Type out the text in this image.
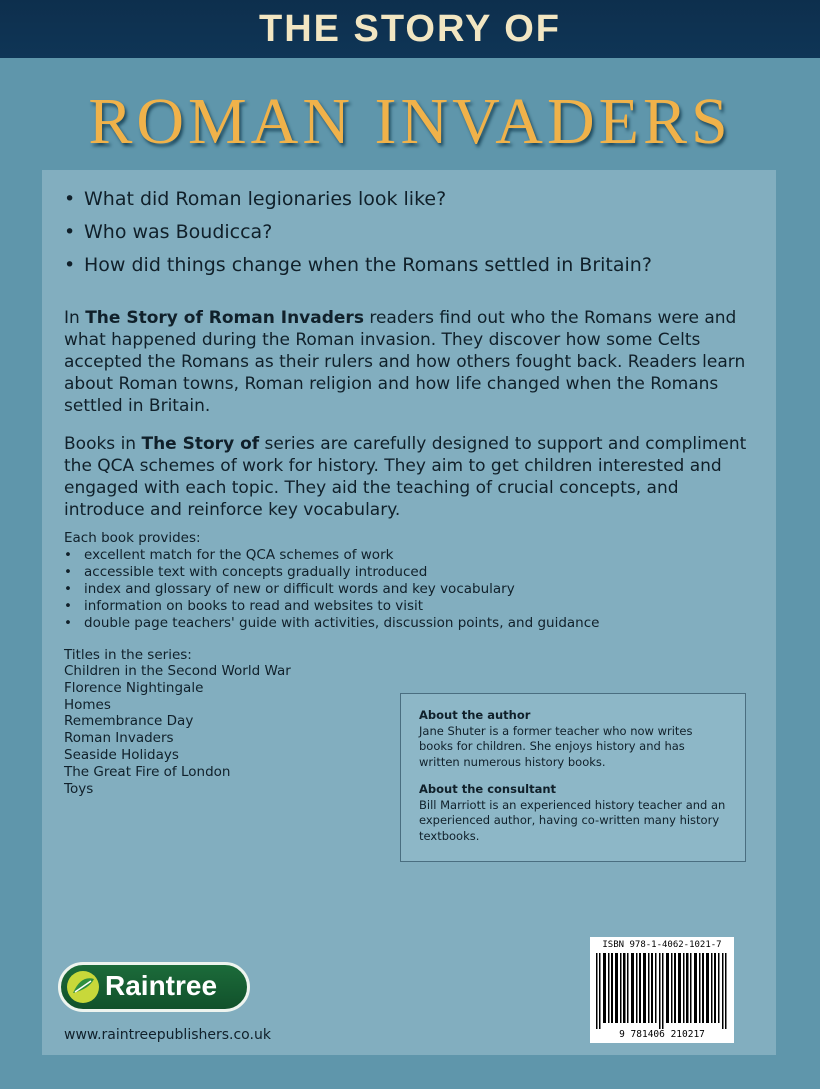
THE STORY OF
ROMAN INVADERS
• What did Roman legionaries look like?
• Who was Boudicca?
• How did things change when the Romans settled in Britain?

In The Story of Roman Invaders readers find out who the Romans were and what happened during the Roman invasion. They discover how some Celts accepted the Romans as their rulers and how others fought back. Readers learn about Roman towns, Roman religion and how life changed when the Romans settled in Britain.

Books in The Story of series are carefully designed to support and compliment the QCA schemes of work for history. They aim to get children interested and engaged with each topic. They aid the teaching of crucial concepts, and introduce and reinforce key vocabulary.

Each book provides:
• excellent match for the QCA schemes of work
• accessible text with concepts gradually introduced
• index and glossary of new or difficult words and key vocabulary
• information on books to read and websites to visit
• double page teachers' guide with activities, discussion points, and guidance
Titles in the series:
Children in the Second World War
Florence Nightingale
Homes
Remembrance Day
Roman Invaders
Seaside Holidays
The Great Fire of London
Toys
About the author
Jane Shuter is a former teacher who now writes books for children. She enjoys history and has written numerous history books.
About the consultant
Bill Marriott is an experienced history teacher and an experienced author, having co-written many history textbooks.
Raintree
www.raintreepublishers.co.uk
ISBN 978-1-4062-1021-7
9 781406 210217
